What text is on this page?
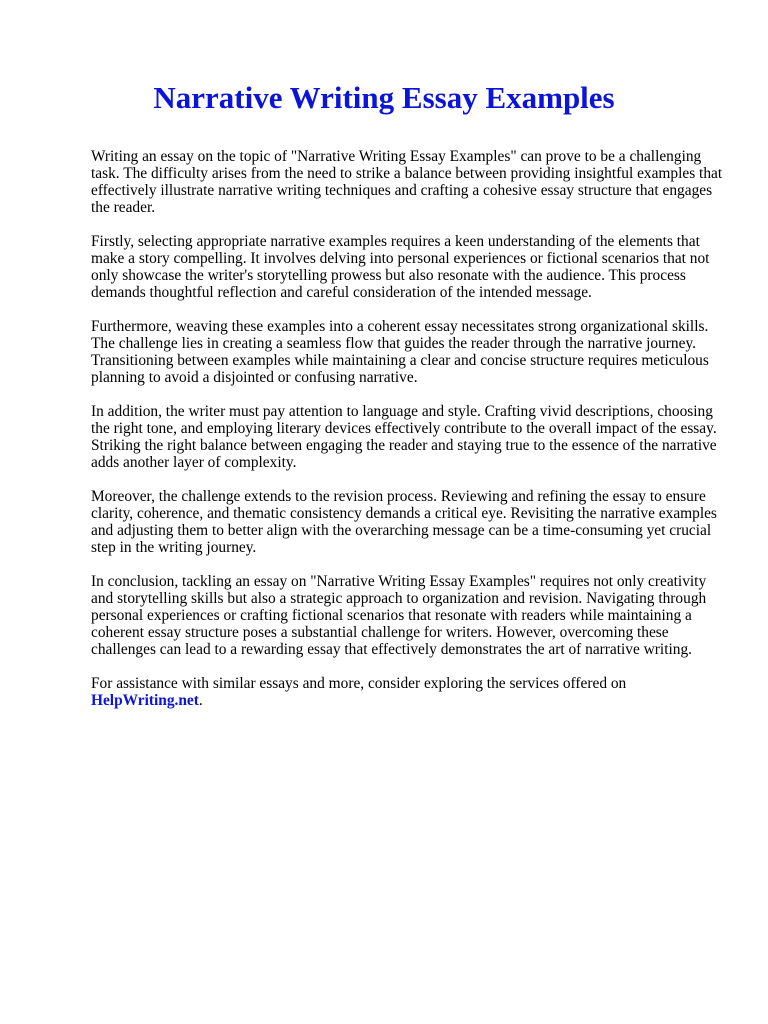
Narrative Writing Essay Examples

Writing an essay on the topic of "Narrative Writing Essay Examples" can prove to be a challenging task. The difficulty arises from the need to strike a balance between providing insightful examples that effectively illustrate narrative writing techniques and crafting a cohesive essay structure that engages the reader.

Firstly, selecting appropriate narrative examples requires a keen understanding of the elements that make a story compelling. It involves delving into personal experiences or fictional scenarios that not only showcase the writer's storytelling prowess but also resonate with the audience. This process demands thoughtful reflection and careful consideration of the intended message.

Furthermore, weaving these examples into a coherent essay necessitates strong organizational skills. The challenge lies in creating a seamless flow that guides the reader through the narrative journey. Transitioning between examples while maintaining a clear and concise structure requires meticulous planning to avoid a disjointed or confusing narrative.

In addition, the writer must pay attention to language and style. Crafting vivid descriptions, choosing the right tone, and employing literary devices effectively contribute to the overall impact of the essay. Striking the right balance between engaging the reader and staying true to the essence of the narrative adds another layer of complexity.

Moreover, the challenge extends to the revision process. Reviewing and refining the essay to ensure clarity, coherence, and thematic consistency demands a critical eye. Revisiting the narrative examples and adjusting them to better align with the overarching message can be a time-consuming yet crucial step in the writing journey.

In conclusion, tackling an essay on "Narrative Writing Essay Examples" requires not only creativity and storytelling skills but also a strategic approach to organization and revision. Navigating through personal experiences or crafting fictional scenarios that resonate with readers while maintaining a coherent essay structure poses a substantial challenge for writers. However, overcoming these challenges can lead to a rewarding essay that effectively demonstrates the art of narrative writing.

For assistance with similar essays and more, consider exploring the services offered on
HelpWriting.net.
